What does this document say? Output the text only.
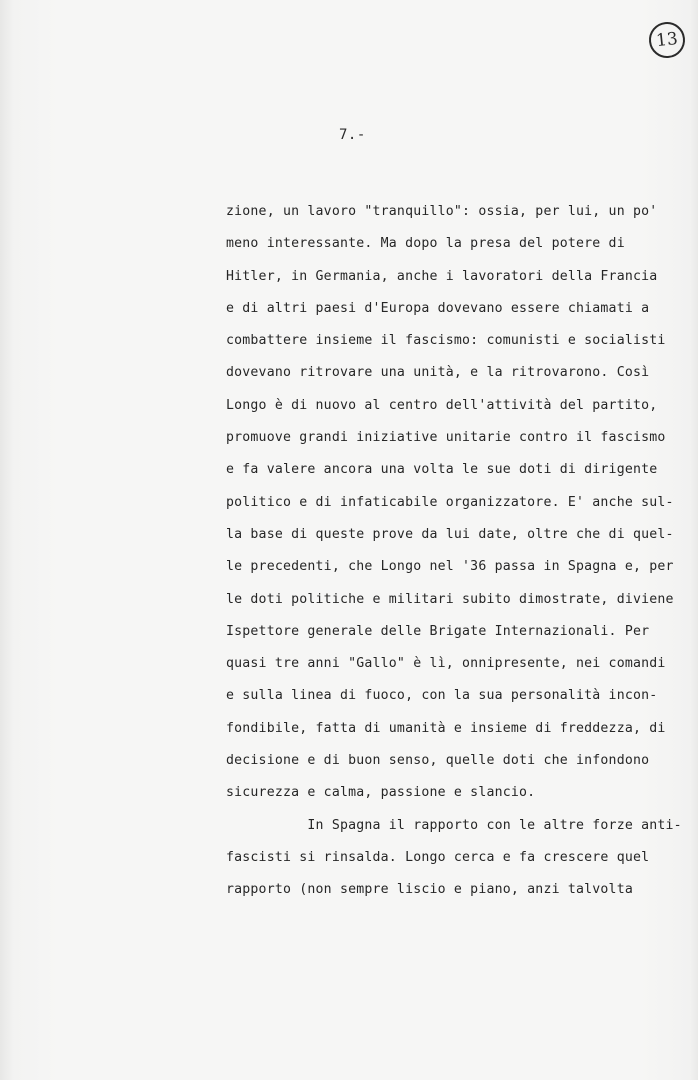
13
7.-
zione, un lavoro "tranquillo": ossia, per lui, un po'
meno interessante. Ma dopo la presa del potere di
Hitler, in Germania, anche i lavoratori della Francia
e di altri paesi d'Europa dovevano essere chiamati a
combattere insieme il fascismo: comunisti e socialisti
dovevano ritrovare una unità, e la ritrovarono. Così
Longo è di nuovo al centro dell'attività del partito,
promuove grandi iniziative unitarie contro il fascismo
e fa valere ancora una volta le sue doti di dirigente
politico e di infaticabile organizzatore. E' anche sul-
la base di queste prove da lui date, oltre che di quel-
le precedenti, che Longo nel '36 passa in Spagna e, per
le doti politiche e militari subito dimostrate, diviene
Ispettore generale delle Brigate Internazionali. Per
quasi tre anni "Gallo" è lì, onnipresente, nei comandi
e sulla linea di fuoco, con la sua personalità incon-
fondibile, fatta di umanità e insieme di freddezza, di
decisione e di buon senso, quelle doti che infondono
sicurezza e calma, passione e slancio.
In Spagna il rapporto con le altre forze anti-
fascisti si rinsalda. Longo cerca e fa crescere quel
rapporto (non sempre liscio e piano, anzi talvolta
